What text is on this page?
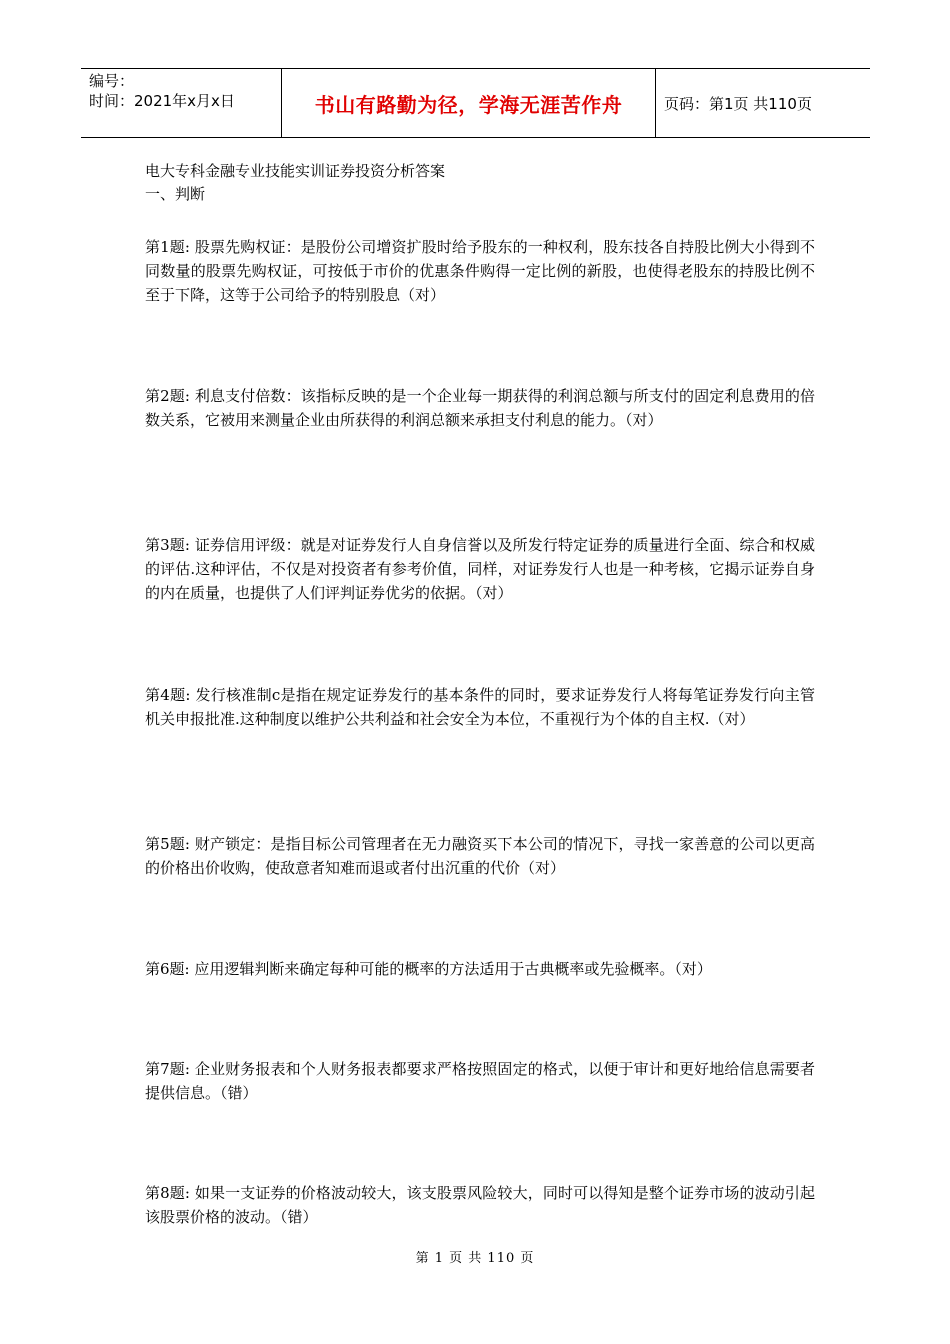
编号：
时间：2021年x月x日	书山有路勤为径，学海无涯苦作舟	页码：第1页 共110页
电大专科金融专业技能实训证券投资分析答案
一、判断
第1题: 股票先购权证：是股份公司增资扩股时给予股东的一种权利，股东技各自持股比例大小得到不同数量的股票先购权证，可按低于市价的优惠条件购得一定比例的新股，也使得老股东的持股比例不至于下降，这等于公司给予的特别股息（对）
第2题: 利息支付倍数：该指标反映的是一个企业每一期获得的利润总额与所支付的固定利息费用的倍数关系，它被用来测量企业由所获得的利润总额来承担支付利息的能力。（对）
第3题: 证券信用评级：就是对证券发行人自身信誉以及所发行特定证券的质量进行全面、综合和权威的评估.这种评估，不仅是对投资者有参考价值，同样，对证券发行人也是一种考核，它揭示证券自身的内在质量，也提供了人们评判证券优劣的依据。（对）
第4题: 发行核准制c是指在规定证券发行的基本条件的同时，要求证券发行人将每笔证券发行向主管机关申报批准.这种制度以维护公共利益和社会安全为本位，不重视行为个体的自主权.（对）
第5题: 财产锁定：是指目标公司管理者在无力融资买下本公司的情况下，寻找一家善意的公司以更高的价格出价收购，使敌意者知难而退或者付出沉重的代价（对）
第6题: 应用逻辑判断来确定每种可能的概率的方法适用于古典概率或先验概率。（对）
第7题: 企业财务报表和个人财务报表都要求严格按照固定的格式，以便于审计和更好地给信息需要者提供信息。（错）
第8题: 如果一支证券的价格波动较大，该支股票风险较大，同时可以得知是整个证券市场的波动引起该股票价格的波动。（错）
第 1 页 共 110 页
